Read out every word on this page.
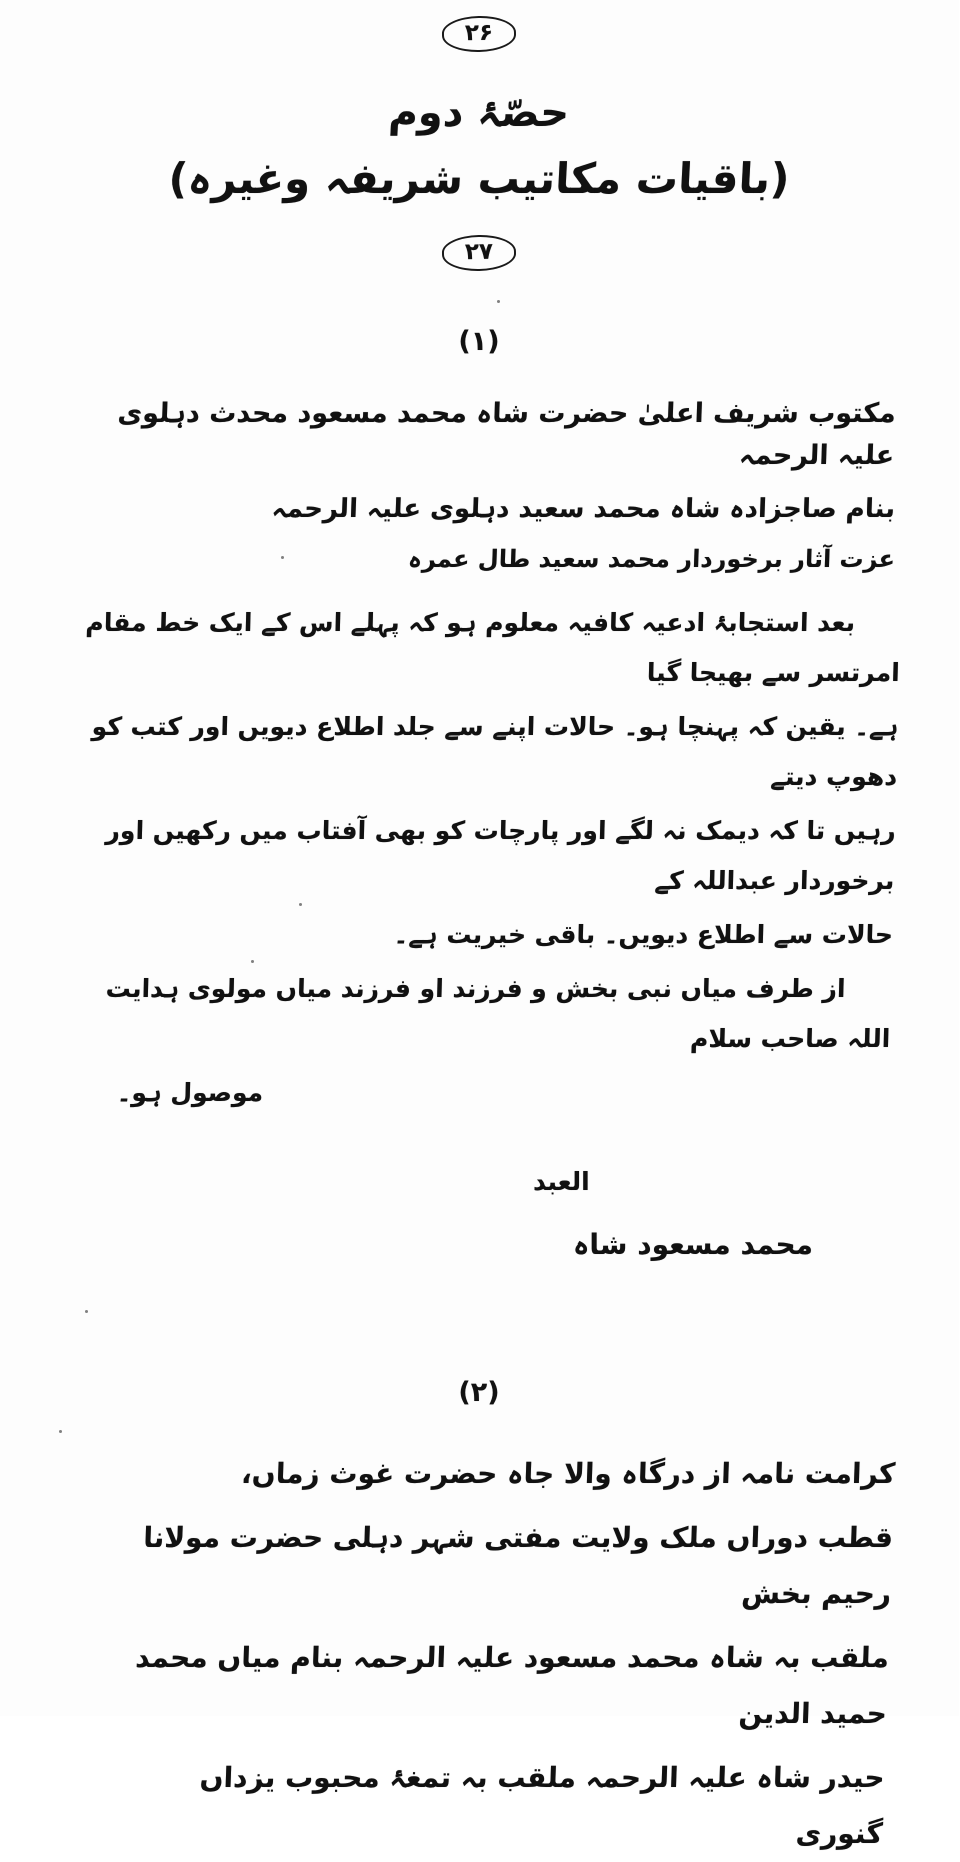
۲۶
حصّۂ دوم
(باقیات مکاتیب شریفہ وغیرہ)
۲۷
(۱)
مکتوب شریف اعلیٰ حضرت شاہ محمد مسعود محدث دہلوی علیہ الرحمہ
بنام صاجزادہ شاہ محمد سعید دہلوی علیہ الرحمہ
عزت آثار برخوردار محمد سعید طال عمرہ

بعد استجابۂ ادعیہ کافیہ معلوم ہو کہ پہلے اس کے ایک خط مقام امرتسر سے بھیجا گیا

ہے۔ یقین کہ پہنچا ہو۔ حالات اپنے سے جلد اطلاع دیویں اور کتب کو دھوپ دیتے

رہیں تا کہ دیمک نہ لگے اور پارچات کو بھی آفتاب میں رکھیں اور برخوردار عبداللہ کے

حالات سے اطلاع دیویں۔ باقی خیریت ہے۔

از طرف میاں نبی بخش و فرزند او فرزند میاں مولوی ہدایت اللہ صاحب سلام

موصول ہو۔

العبد
محمد مسعود شاہ
(۲)

کرامت نامہ از درگاہ والا جاہ حضرت غوث زماں،

قطب دوراں ملک ولایت مفتی شہر دہلی حضرت مولانا رحیم بخش

ملقب بہ شاہ محمد مسعود علیہ الرحمہ بنام میاں محمد حمید الدین

حیدر شاہ علیہ الرحمہ ملقب بہ تمغۂ محبوب یزداں گنوری
